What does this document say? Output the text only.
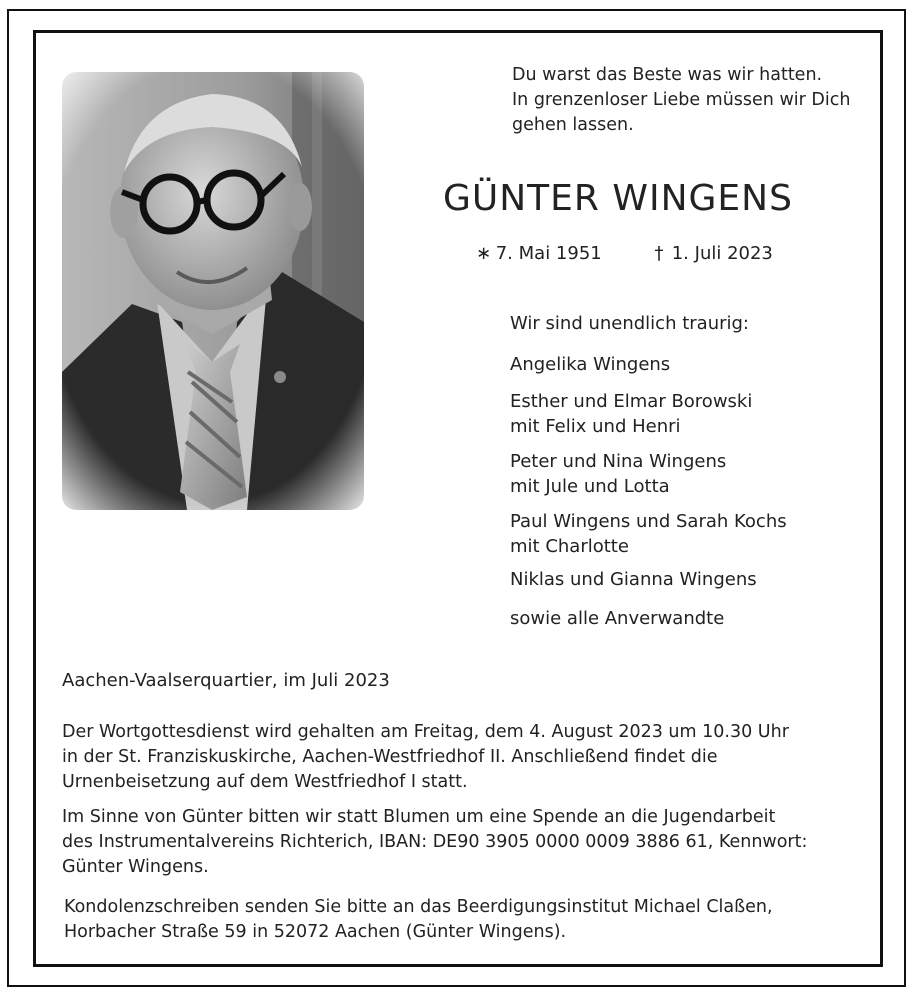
Du warst das Beste was wir hatten.
In grenzenloser Liebe müssen wir Dich
gehen lassen.
GÜNTER WINGENS
∗ 7. Mai 1951	† 1. Juli 2023
Wir sind unendlich traurig:
Angelika Wingens
Esther und Elmar Borowski
mit Felix und Henri
Peter und Nina Wingens
mit Jule und Lotta
Paul Wingens und Sarah Kochs
mit Charlotte
Niklas und Gianna Wingens
sowie alle Anverwandte
Aachen-Vaalserquartier, im Juli 2023
Der Wortgottesdienst wird gehalten am Freitag, dem 4. August 2023 um 10.30 Uhr
in der St. Franziskuskirche, Aachen-Westfriedhof II. Anschließend findet die
Urnenbeisetzung auf dem Westfriedhof I statt.
Im Sinne von Günter bitten wir statt Blumen um eine Spende an die Jugendarbeit
des Instrumentalvereins Richterich, IBAN: DE90 3905 0000 0009 3886 61, Kennwort:
Günter Wingens.
Kondolenzschreiben senden Sie bitte an das Beerdigungsinstitut Michael Claßen,
Horbacher Straße 59 in 52072 Aachen (Günter Wingens).
